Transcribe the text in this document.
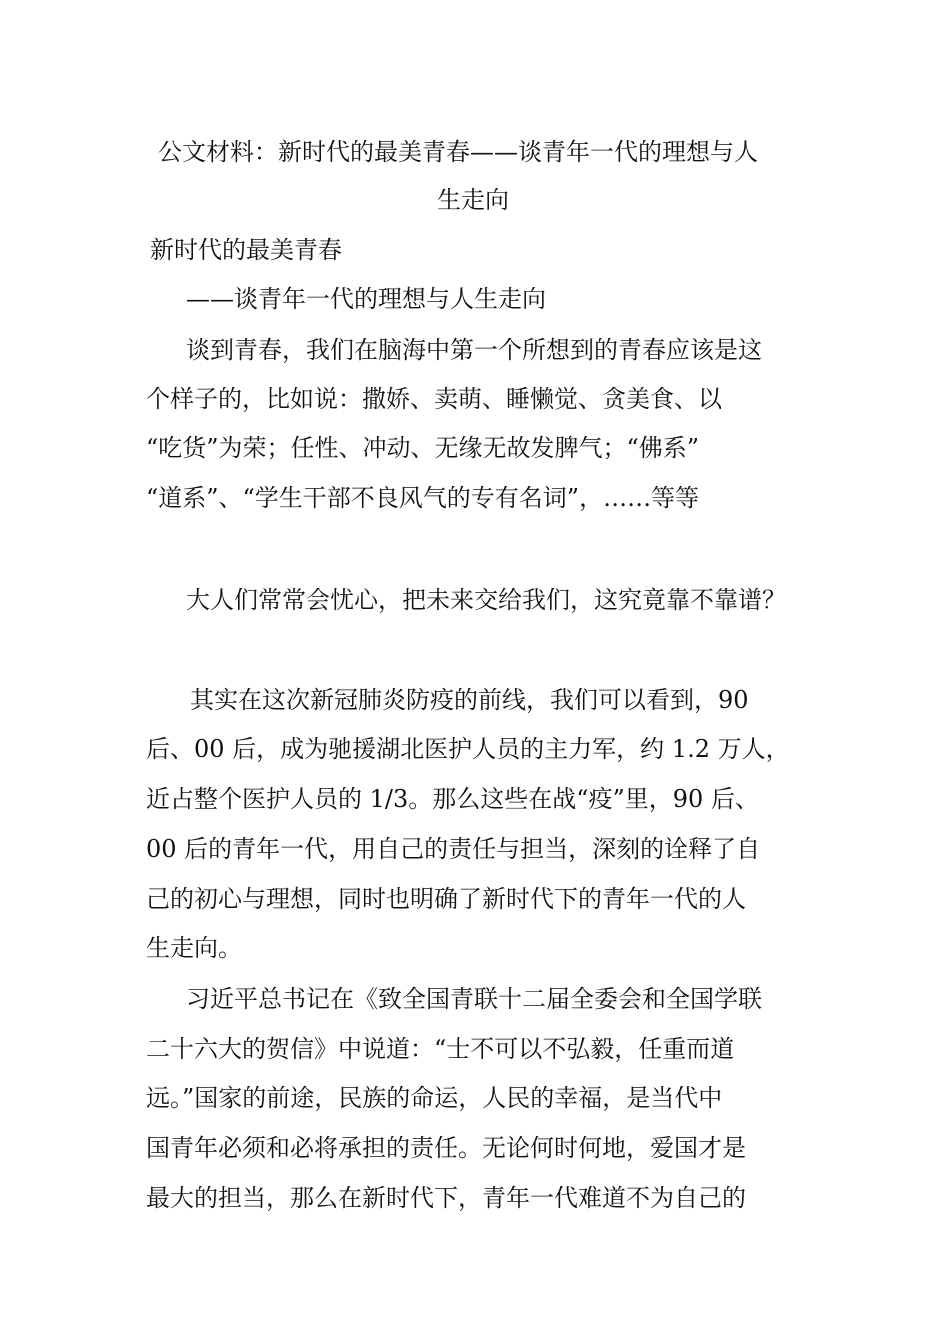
公文材料：新时代的最美青春——谈青年一代的理想与人
生走向
新时代的最美青春
——谈青年一代的理想与人生走向
谈到青春，我们在脑海中第一个所想到的青春应该是这
个样子的，比如说：撒娇、卖萌、睡懒觉、贪美食、以
“吃货”为荣；任性、冲动、无缘无故发脾气；“佛系”
“道系”、“学生干部不良风气的专有名词”，……等等
大人们常常会忧心，把未来交给我们，这究竟靠不靠谱？
其实在这次新冠肺炎防疫的前线，我们可以看到，90
后、00 后，成为驰援湖北医护人员的主力军，约 1.2 万人，
近占整个医护人员的 1/3。那么这些在战“疫”里，90 后、
00 后的青年一代，用自己的责任与担当，深刻的诠释了自
己的初心与理想，同时也明确了新时代下的青年一代的人
生走向。
习近平总书记在《致全国青联十二届全委会和全国学联
二十六大的贺信》中说道：“士不可以不弘毅，任重而道
远。”国家的前途，民族的命运，人民的幸福，是当代中
国青年必须和必将承担的责任。无论何时何地，爱国才是
最大的担当，那么在新时代下，青年一代难道不为自己的
